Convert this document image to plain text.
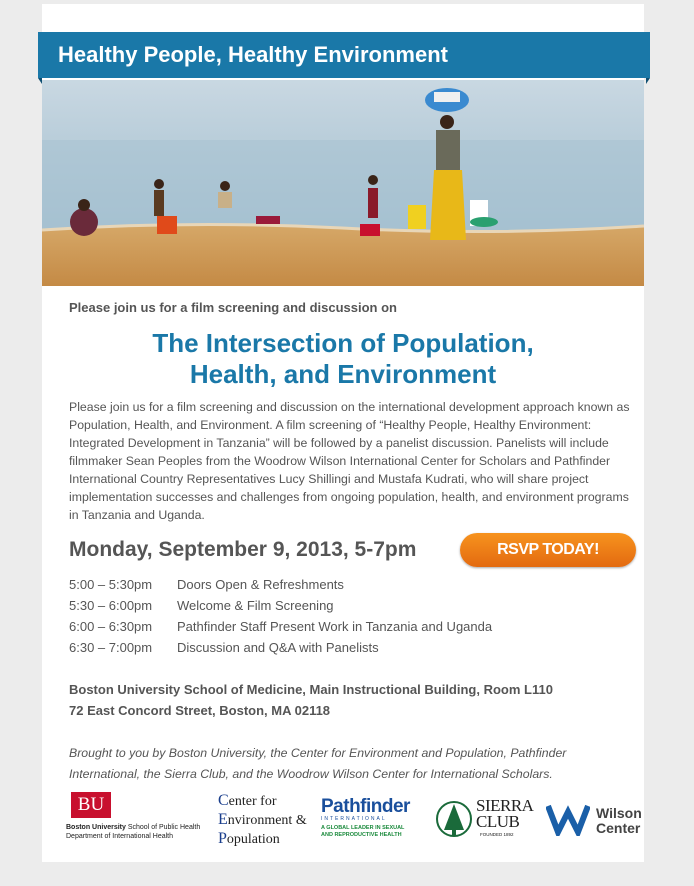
Healthy People, Healthy Environment
Please join us for a film screening and discussion on
The Intersection of Population,
Health, and Environment
Please join us for a film screening and discussion on the international development approach known as Population, Health, and Environment. A film screening of “Healthy People, Healthy Environment: Integrated Development in Tanzania” will be followed by a panelist discussion. Panelists will include filmmaker Sean Peoples from the Woodrow Wilson International Center for Scholars and Pathfinder International Country Representatives Lucy Shillingi and Mustafa Kudrati, who will share project implementation successes and challenges from ongoing population, health, and environment programs in Tanzania and Uganda.
Monday, September 9, 2013, 5-7pm	RSVP TODAY!
5:00 – 5:30pm Doors Open & Refreshments
5:30 – 6:00pm Welcome & Film Screening
6:00 – 6:30pm Pathfinder Staff Present Work in Tanzania and Uganda
6:30 – 7:00pm Discussion and Q&A with Panelists
Boston University School of Medicine, Main Instructional Building, Room L110
72 East Concord Street, Boston, MA 02118
Brought to you by Boston University, the Center for Environment and Population, Pathfinder International, the Sierra Club, and the Woodrow Wilson Center for International Scholars.
BU
Boston University School of Public Health
Department of International Health
Center for
Environment &
Population
Pathfinder
INTERNATIONAL
A GLOBAL LEADER IN SEXUAL
AND REPRODUCTIVE HEALTH
SIERRA
CLUB
FOUNDED 1892
Wilson
Center
